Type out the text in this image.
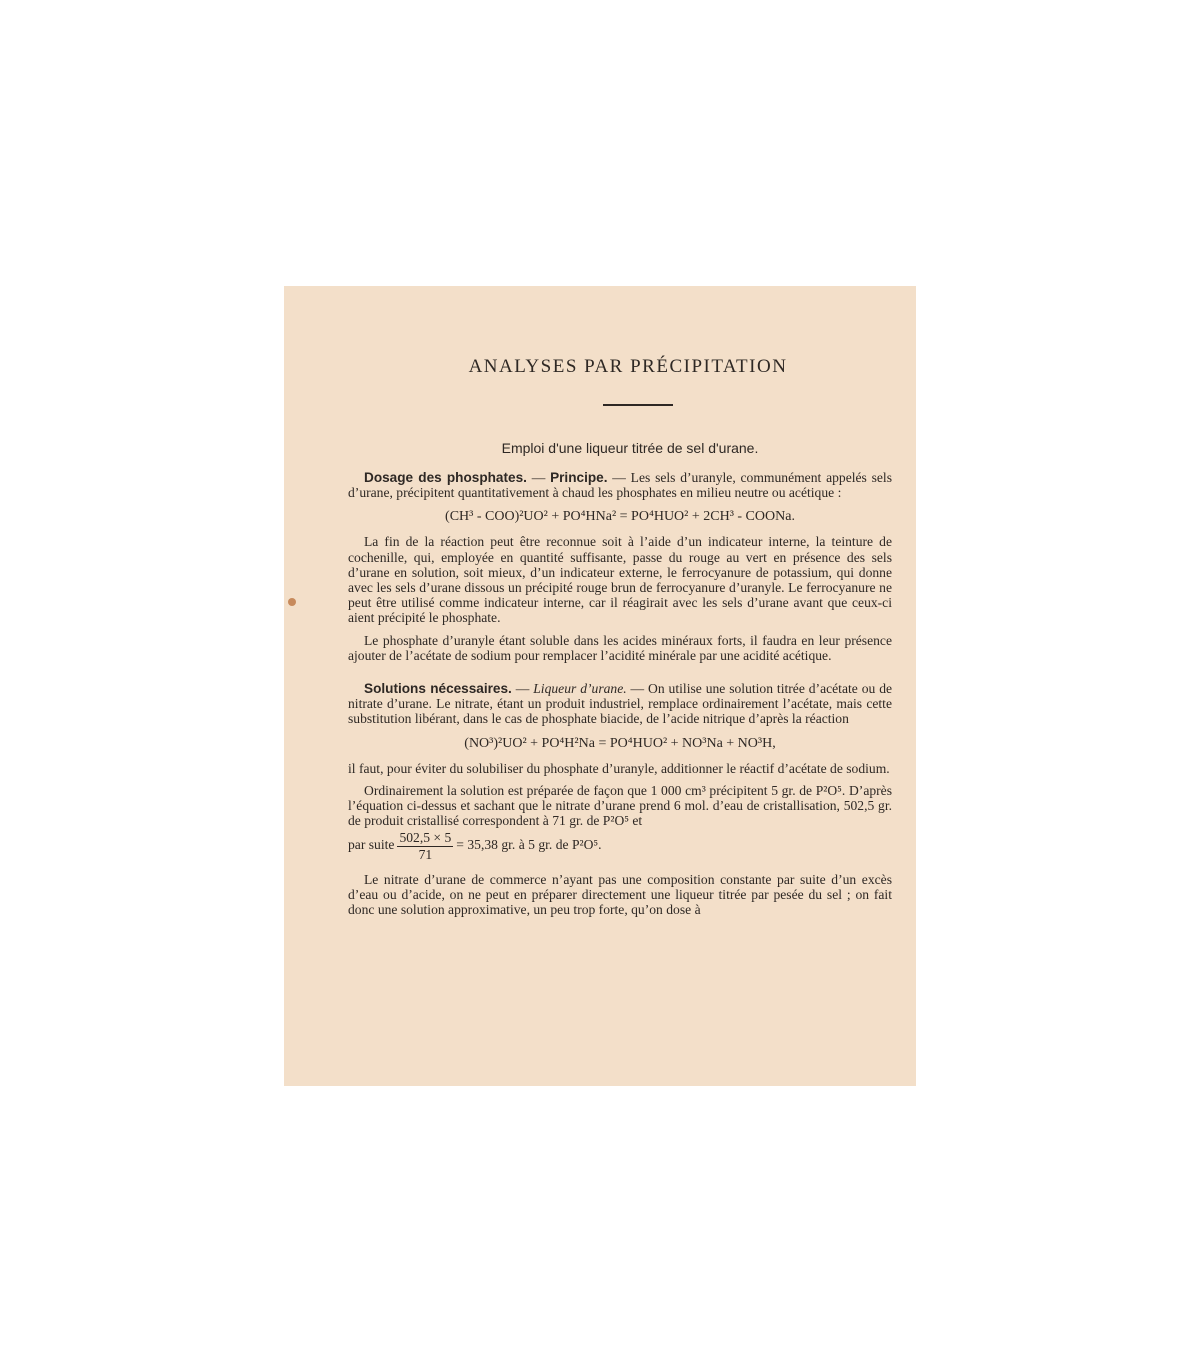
ANALYSES PAR PRÉCIPITATION
Emploi d'une liqueur titrée de sel d'urane.

Dosage des phosphates. — Principe. — Les sels d’uranyle, communément appelés sels d’urane, précipitent quantitativement à chaud les phosphates en milieu neutre ou acétique :

(CH³ - COO)²UO² + PO⁴HNa² = PO⁴HUO² + 2CH³ - COONa.

La fin de la réaction peut être reconnue soit à l’aide d’un indicateur interne, la teinture de cochenille, qui, employée en quantité suffisante, passe du rouge au vert en présence des sels d’urane en solution, soit mieux, d’un indicateur externe, le ferrocyanure de potassium, qui donne avec les sels d’urane dissous un précipité rouge brun de ferrocyanure d’uranyle. Le ferrocyanure ne peut être utilisé comme indicateur interne, car il réagirait avec les sels d’urane avant que ceux-ci aient précipité le phosphate.

Le phosphate d’uranyle étant soluble dans les acides minéraux forts, il faudra en leur présence ajouter de l’acétate de sodium pour remplacer l’acidité minérale par une acidité acétique.

Solutions nécessaires. — Liqueur d’urane. — On utilise une solution titrée d’acétate ou de nitrate d’urane. Le nitrate, étant un produit industriel, remplace ordinairement l’acétate, mais cette substitution libérant, dans le cas de phosphate biacide, de l’acide nitrique d’après la réaction

(NO³)²UO² + PO⁴H²Na = PO⁴HUO² + NO³Na + NO³H,

il faut, pour éviter du solubiliser du phosphate d’uranyle, additionner le réactif d’acétate de sodium.

Ordinairement la solution est préparée de façon que 1 000 cm³ précipitent 5 gr. de P²O⁵. D’après l’équation ci-dessus et sachant que le nitrate d’urane prend 6 mol. d’eau de cristallisation, 502,5 gr. de produit cristallisé correspondent à 71 gr. de P²O⁵ et

par suite $\frac{502,5 \times 5}{71} = 35,38$ gr. à 5 gr. de P²O⁵.

Le nitrate d’urane de commerce n’ayant pas une composition constante par suite d’un excès d’eau ou d’acide, on ne peut en préparer directement une liqueur titrée par pesée du sel ; on fait donc une solution approximative, un peu trop forte, qu’on dose à
